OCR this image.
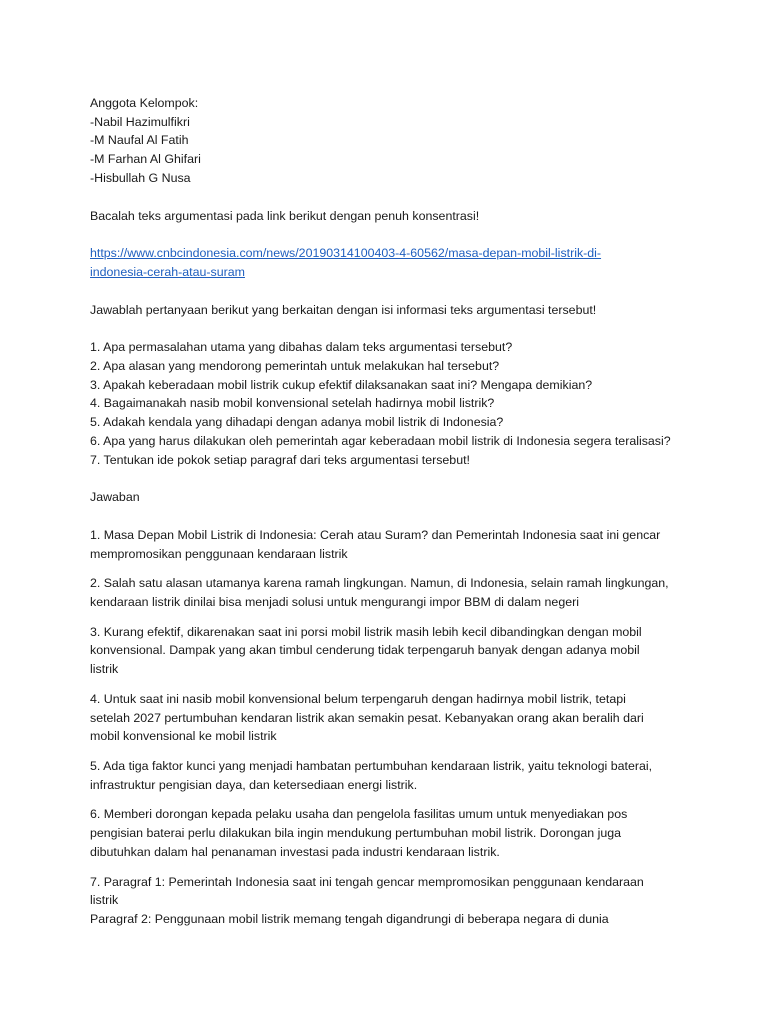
Anggota Kelompok:
-Nabil Hazimulfikri
-M Naufal Al Fatih
-M Farhan Al Ghifari
-Hisbullah G Nusa
Bacalah teks argumentasi pada link berikut dengan penuh konsentrasi!
https://www.cnbcindonesia.com/news/20190314100403-4-60562/masa-depan-mobil-listrik-di-
indonesia-cerah-atau-suram
Jawablah pertanyaan berikut yang berkaitan dengan isi informasi teks argumentasi tersebut!
1. Apa permasalahan utama yang dibahas dalam teks argumentasi tersebut?
2. Apa alasan yang mendorong pemerintah untuk melakukan hal tersebut?
3. Apakah keberadaan mobil listrik cukup efektif dilaksanakan saat ini? Mengapa demikian?
4. Bagaimanakah nasib mobil konvensional setelah hadirnya mobil listrik?
5. Adakah kendala yang dihadapi dengan adanya mobil listrik di Indonesia?
6. Apa yang harus dilakukan oleh pemerintah agar keberadaan mobil listrik di Indonesia segera teralisasi?
7. Tentukan ide pokok setiap paragraf dari teks argumentasi tersebut!
Jawaban
1. Masa Depan Mobil Listrik di Indonesia: Cerah atau Suram? dan Pemerintah Indonesia saat ini gencar
mempromosikan penggunaan kendaraan listrik
2. Salah satu alasan utamanya karena ramah lingkungan. Namun, di Indonesia, selain ramah lingkungan,
kendaraan listrik dinilai bisa menjadi solusi untuk mengurangi impor BBM di dalam negeri
3. Kurang efektif, dikarenakan saat ini porsi mobil listrik masih lebih kecil dibandingkan dengan mobil
konvensional. Dampak yang akan timbul cenderung tidak terpengaruh banyak dengan adanya mobil
listrik
4. Untuk saat ini nasib mobil konvensional belum terpengaruh dengan hadirnya mobil listrik, tetapi
setelah 2027 pertumbuhan kendaran listrik akan semakin pesat. Kebanyakan orang akan beralih dari
mobil konvensional ke mobil listrik
5. Ada tiga faktor kunci yang menjadi hambatan pertumbuhan kendaraan listrik, yaitu teknologi baterai,
infrastruktur pengisian daya, dan ketersediaan energi listrik.
6. Memberi dorongan kepada pelaku usaha dan pengelola fasilitas umum untuk menyediakan pos
pengisian baterai perlu dilakukan bila ingin mendukung pertumbuhan mobil listrik. Dorongan juga
dibutuhkan dalam hal penanaman investasi pada industri kendaraan listrik.
7. Paragraf 1: Pemerintah Indonesia saat ini tengah gencar mempromosikan penggunaan kendaraan
listrik
Paragraf 2: Penggunaan mobil listrik memang tengah digandrungi di beberapa negara di dunia
